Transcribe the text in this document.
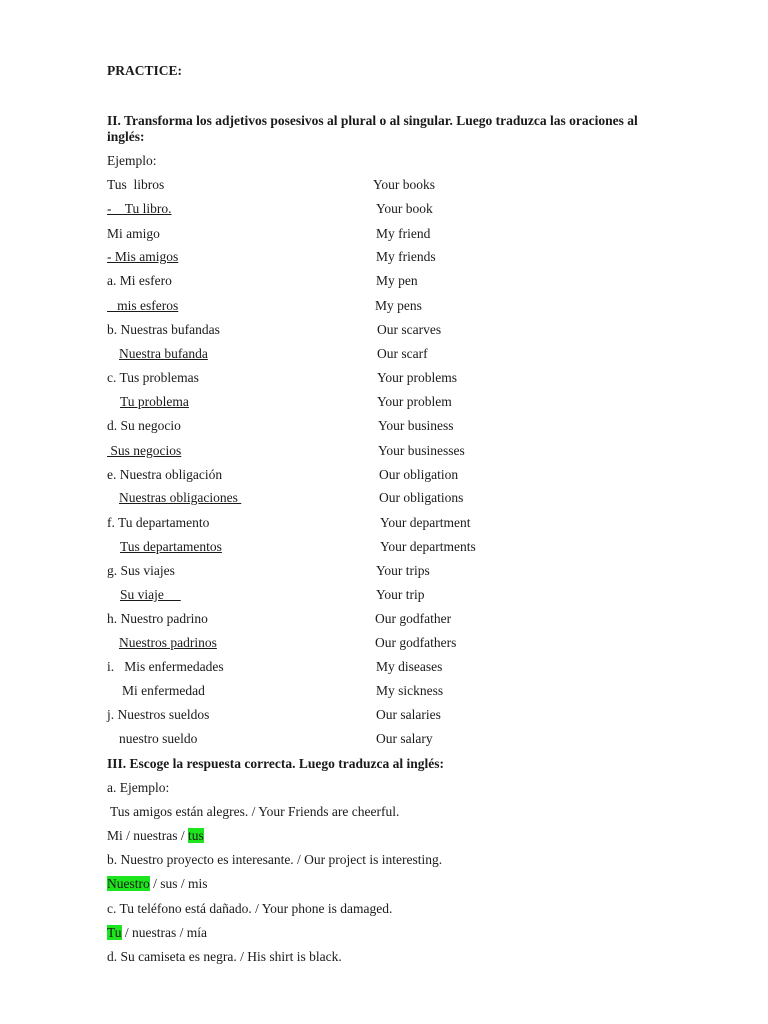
PRACTICE:
II. Transforma los adjetivos posesivos al plural o al singular. Luego traduzca las oraciones al inglés:
Ejemplo:
Tus  libros	Your books
-    Tu libro.	Your book
Mi amigo	My friend
- Mis amigos	My friends
a. Mi esfero	My pen
mis esferos	My pens
b. Nuestras bufandas	Our scarves
Nuestra bufanda	Our scarf
c. Tus problemas	Your problems
Tu problema	Your problem
d. Su negocio	Your business
Sus negocios	Your businesses
e. Nuestra obligación	Our obligation
Nuestras obligaciones	Our obligations
f. Tu departamento	Your department
Tus departamentos	Your departments
g. Sus viajes	Your trips
Su viaje	Your trip
h. Nuestro padrino	Our godfather
Nuestros padrinos	Our godfathers
i.   Mis enfermedades	My diseases
Mi enfermedad	My sickness
j. Nuestros sueldos	Our salaries
nuestro sueldo	Our salary
III. Escoge la respuesta correcta. Luego traduzca al inglés:
a. Ejemplo:
Tus amigos están alegres. / Your Friends are cheerful.
Mi / nuestras / tus
b. Nuestro proyecto es interesante. / Our project is interesting.
Nuestro / sus / mis
c. Tu teléfono está dañado. / Your phone is damaged.
Tu / nuestras / mía
d. Su camiseta es negra. / His shirt is black.
